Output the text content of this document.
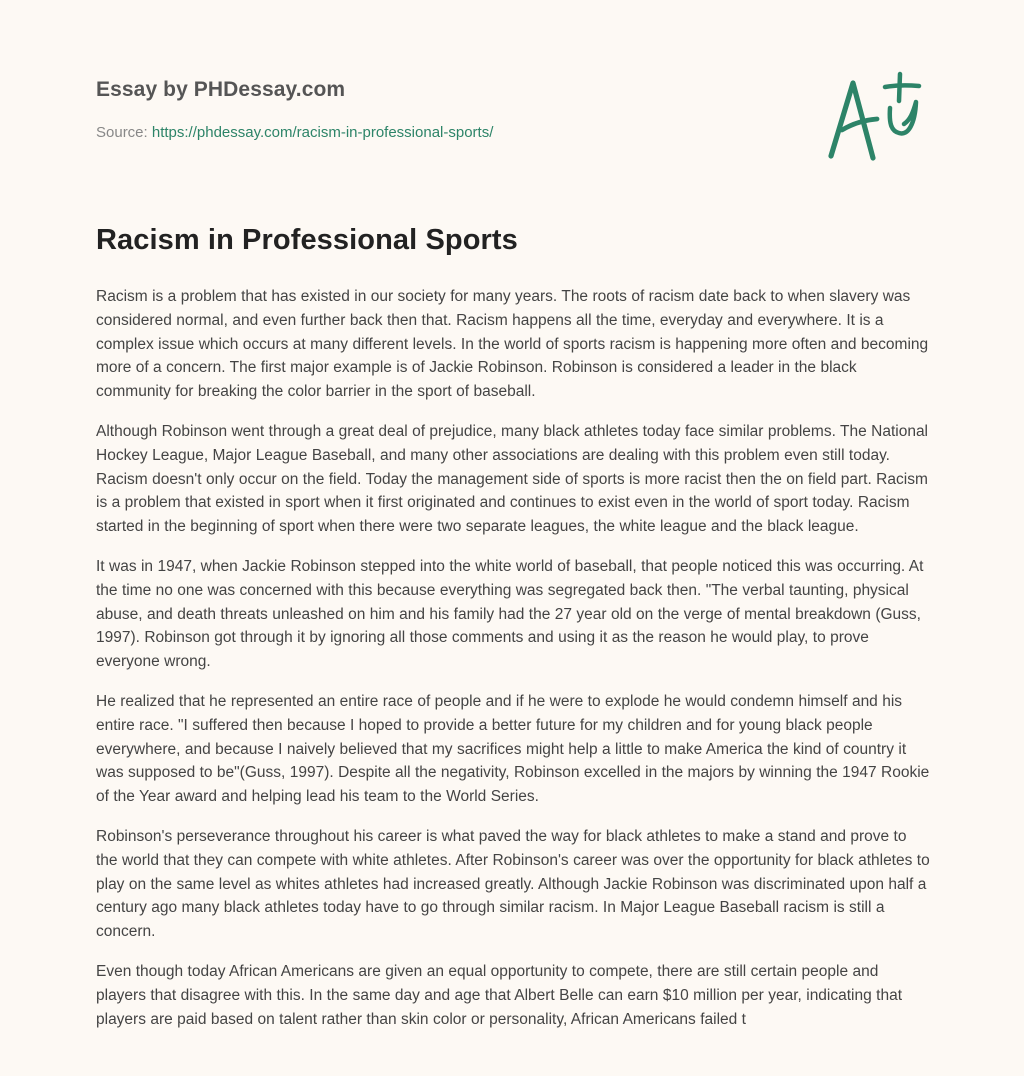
Essay by PHDessay.com
Source: https://phdessay.com/racism-in-professional-sports/
Racism in Professional Sports

Racism is a problem that has existed in our society for many years. The roots of racism date back to when slavery was considered normal, and even further back then that. Racism happens all the time, everyday and everywhere. It is a complex issue which occurs at many different levels. In the world of sports racism is happening more often and becoming more of a concern. The first major example is of Jackie Robinson. Robinson is considered a leader in the black community for breaking the color barrier in the sport of baseball.

Although Robinson went through a great deal of prejudice, many black athletes today face similar problems. The National Hockey League, Major League Baseball, and many other associations are dealing with this problem even still today. Racism doesn't only occur on the field. Today the management side of sports is more racist then the on field part. Racism is a problem that existed in sport when it first originated and continues to exist even in the world of sport today. Racism started in the beginning of sport when there were two separate leagues, the white league and the black league.

It was in 1947, when Jackie Robinson stepped into the white world of baseball, that people noticed this was occurring. At the time no one was concerned with this because everything was segregated back then. "The verbal taunting, physical abuse, and death threats unleashed on him and his family had the 27 year old on the verge of mental breakdown (Guss, 1997). Robinson got through it by ignoring all those comments and using it as the reason he would play, to prove everyone wrong.

He realized that he represented an entire race of people and if he were to explode he would condemn himself and his entire race. "I suffered then because I hoped to provide a better future for my children and for young black people everywhere, and because I naively believed that my sacrifices might help a little to make America the kind of country it was supposed to be"(Guss, 1997). Despite all the negativity, Robinson excelled in the majors by winning the 1947 Rookie of the Year award and helping lead his team to the World Series.

Robinson's perseverance throughout his career is what paved the way for black athletes to make a stand and prove to the world that they can compete with white athletes. After Robinson's career was over the opportunity for black athletes to play on the same level as whites athletes had increased greatly. Although Jackie Robinson was discriminated upon half a century ago many black athletes today have to go through similar racism. In Major League Baseball racism is still a concern.

Even though today African Americans are given an equal opportunity to compete, there are still certain people and players that disagree with this. In the same day and age that Albert Belle can earn $10 million per year, indicating that players are paid based on talent rather than skin color or personality, African Americans failed t
